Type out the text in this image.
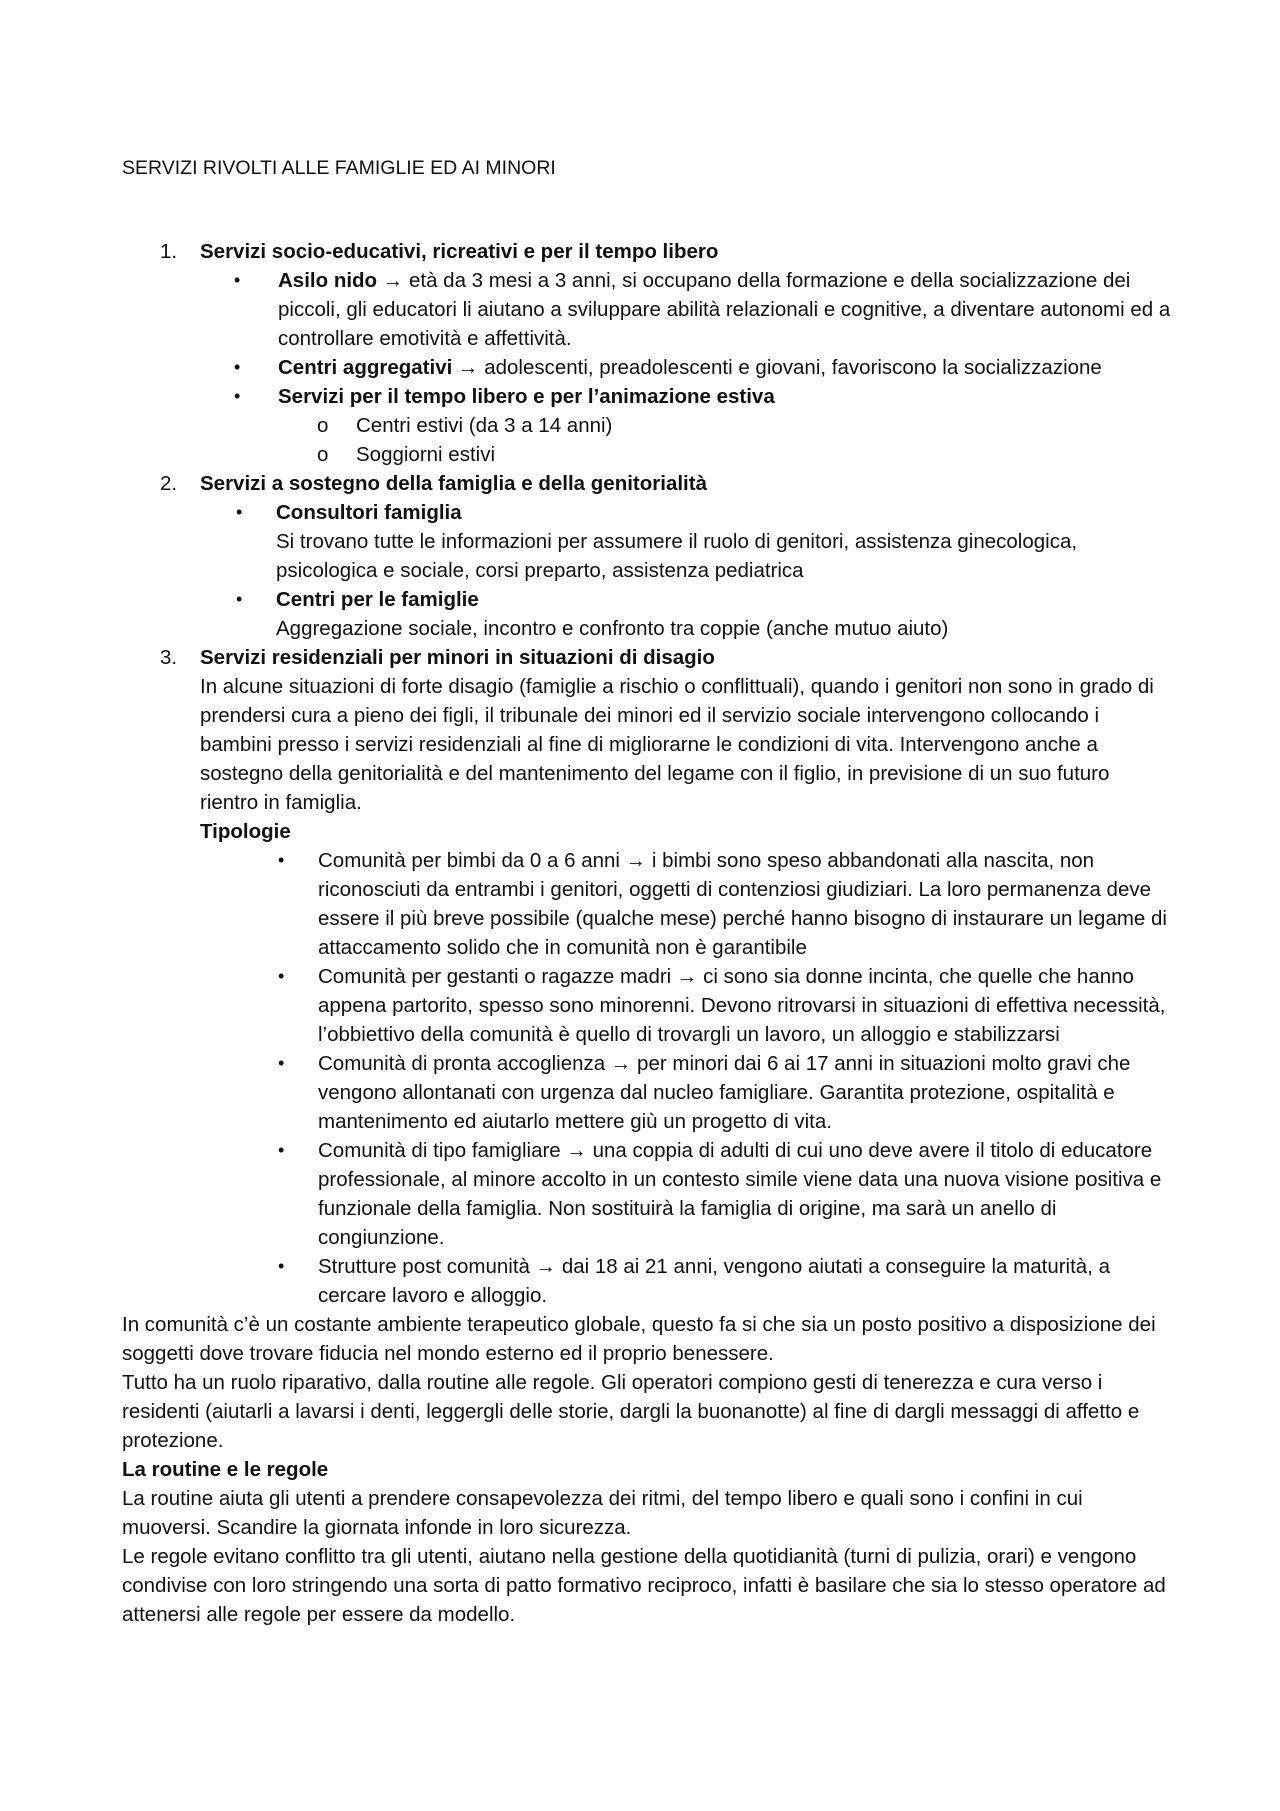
SERVIZI RIVOLTI ALLE FAMIGLIE ED AI MINORI
1. Servizi socio-educativi, ricreativi e per il tempo libero
• Asilo nido → età da 3 mesi a 3 anni, si occupano della formazione e della socializzazione dei piccoli, gli educatori li aiutano a sviluppare abilità relazionali e cognitive, a diventare autonomi ed a controllare emotività e affettività.
• Centri aggregativi → adolescenti, preadolescenti e giovani, favoriscono la socializzazione
• Servizi per il tempo libero e per l’animazione estiva
o Centri estivi (da 3 a 14 anni)
o Soggiorni estivi
2. Servizi a sostegno della famiglia e della genitorialità
• Consultori famiglia
Si trovano tutte le informazioni per assumere il ruolo di genitori, assistenza ginecologica, psicologica e sociale, corsi preparto, assistenza pediatrica
• Centri per le famiglie
Aggregazione sociale, incontro e confronto tra coppie (anche mutuo aiuto)
3. Servizi residenziali per minori in situazioni di disagio

In alcune situazioni di forte disagio (famiglie a rischio o conflittuali), quando i genitori non sono in grado di prendersi cura a pieno dei figli, il tribunale dei minori ed il servizio sociale intervengono collocando i bambini presso i servizi residenziali al fine di migliorarne le condizioni di vita. Intervengono anche a sostegno della genitorialità e del mantenimento del legame con il figlio, in previsione di un suo futuro rientro in famiglia.

Tipologie
• Comunità per bimbi da 0 a 6 anni → i bimbi sono speso abbandonati alla nascita, non riconosciuti da entrambi i genitori, oggetti di contenziosi giudiziari. La loro permanenza deve essere il più breve possibile (qualche mese) perché hanno bisogno di instaurare un legame di attaccamento solido che in comunità non è garantibile
• Comunità per gestanti o ragazze madri → ci sono sia donne incinta, che quelle che hanno appena partorito, spesso sono minorenni. Devono ritrovarsi in situazioni di effettiva necessità, l’obbiettivo della comunità è quello di trovargli un lavoro, un alloggio e stabilizzarsi
• Comunità di pronta accoglienza → per minori dai 6 ai 17 anni in situazioni molto gravi che vengono allontanati con urgenza dal nucleo famigliare. Garantita protezione, ospitalità e mantenimento ed aiutarlo mettere giù un progetto di vita.
• Comunità di tipo famigliare → una coppia di adulti di cui uno deve avere il titolo di educatore professionale, al minore accolto in un contesto simile viene data una nuova visione positiva e funzionale della famiglia. Non sostituirà la famiglia di origine, ma sarà un anello di congiunzione.
• Strutture post comunità → dai 18 ai 21 anni, vengono aiutati a conseguire la maturità, a cercare lavoro e alloggio.

In comunità c’è un costante ambiente terapeutico globale, questo fa si che sia un posto positivo a disposizione dei soggetti dove trovare fiducia nel mondo esterno ed il proprio benessere.

Tutto ha un ruolo riparativo, dalla routine alle regole. Gli operatori compiono gesti di tenerezza e cura verso i residenti (aiutarli a lavarsi i denti, leggergli delle storie, dargli la buonanotte) al fine di dargli messaggi di affetto e protezione.

La routine e le regole

La routine aiuta gli utenti a prendere consapevolezza dei ritmi, del tempo libero e quali sono i confini in cui muoversi. Scandire la giornata infonde in loro sicurezza.

Le regole evitano conflitto tra gli utenti, aiutano nella gestione della quotidianità (turni di pulizia, orari) e vengono condivise con loro stringendo una sorta di patto formativo reciproco, infatti è basilare che sia lo stesso operatore ad attenersi alle regole per essere da modello.
